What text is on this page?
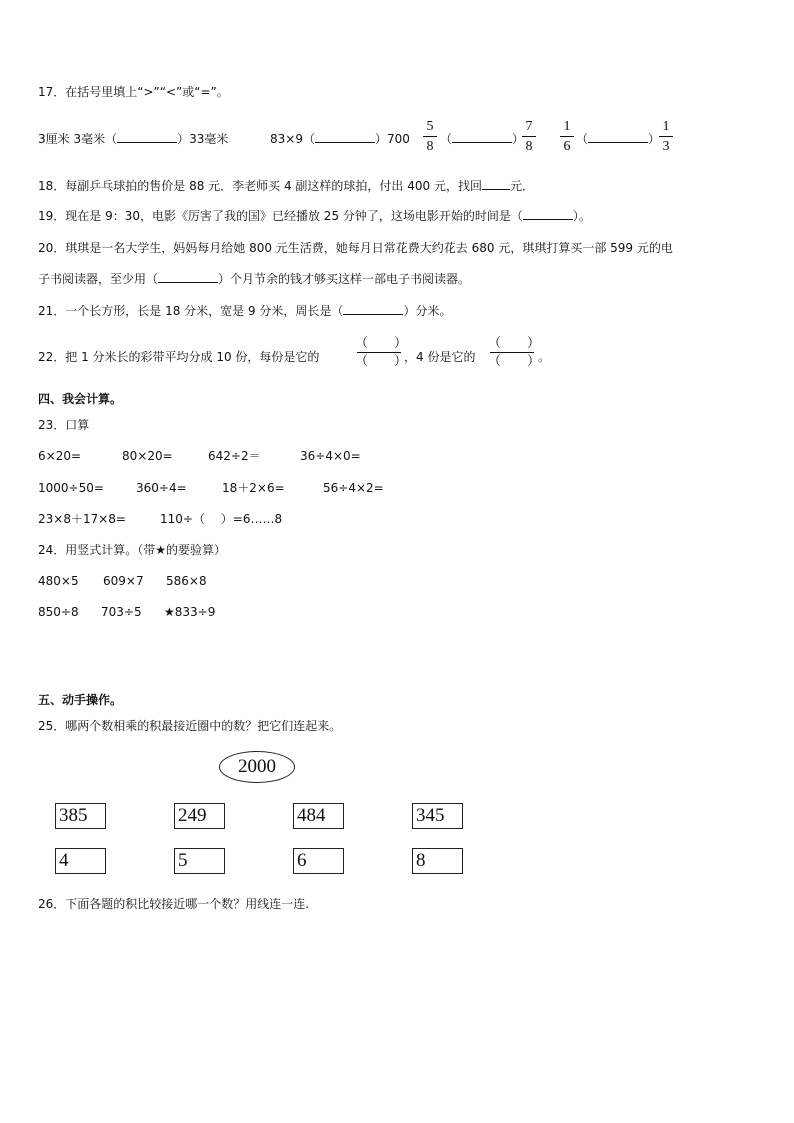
17．在括号里填上“>”“<”或“=”。
3厘米 3毫米（	）33毫米	83×9（	）700
5
8 （	）
7
8
1
6 （	）
1
3
18．每副乒乓球拍的售价是 88 元．李老师买 4 副这样的球拍，付出 400 元，找回 元．
19．现在是 9：30，电影《厉害了我的国》已经播放 25 分钟了，这场电影开始的时间是（	）。
20．琪琪是一名大学生，妈妈每月给她 800 元生活费，她每月日常花费大约花去 680 元，琪琪打算买一部 599 元的电
子书阅读器，至少用（	）个月节余的钱才够买这样一部电子书阅读器。
21．一个长方形，长是 18 分米，宽是 9 分米，周长是（	）分米。
22．把 1 分米长的彩带平均分成 10 份，每份是它的
（　　）
（　　）
，4 份是它的
（　　）
（　　）
。
四、我会计算。
23．口算
6×20=	80×20=	642÷2＝	36÷4×0=
1000÷50=	360÷4=	18＋2×6=	56÷4×2=
23×8＋17×8=	110÷（　 ）=6……8
24．用竖式计算。（带★的要验算）
480×5 609×7 586×8
850÷8 703÷5 ★833÷9
五、动手操作。
25．哪两个数相乘的积最接近圈中的数？把它们连起来。
2000
385	249	484	345
4	5	6	8
26．下面各题的积比较接近哪一个数？用线连一连.
